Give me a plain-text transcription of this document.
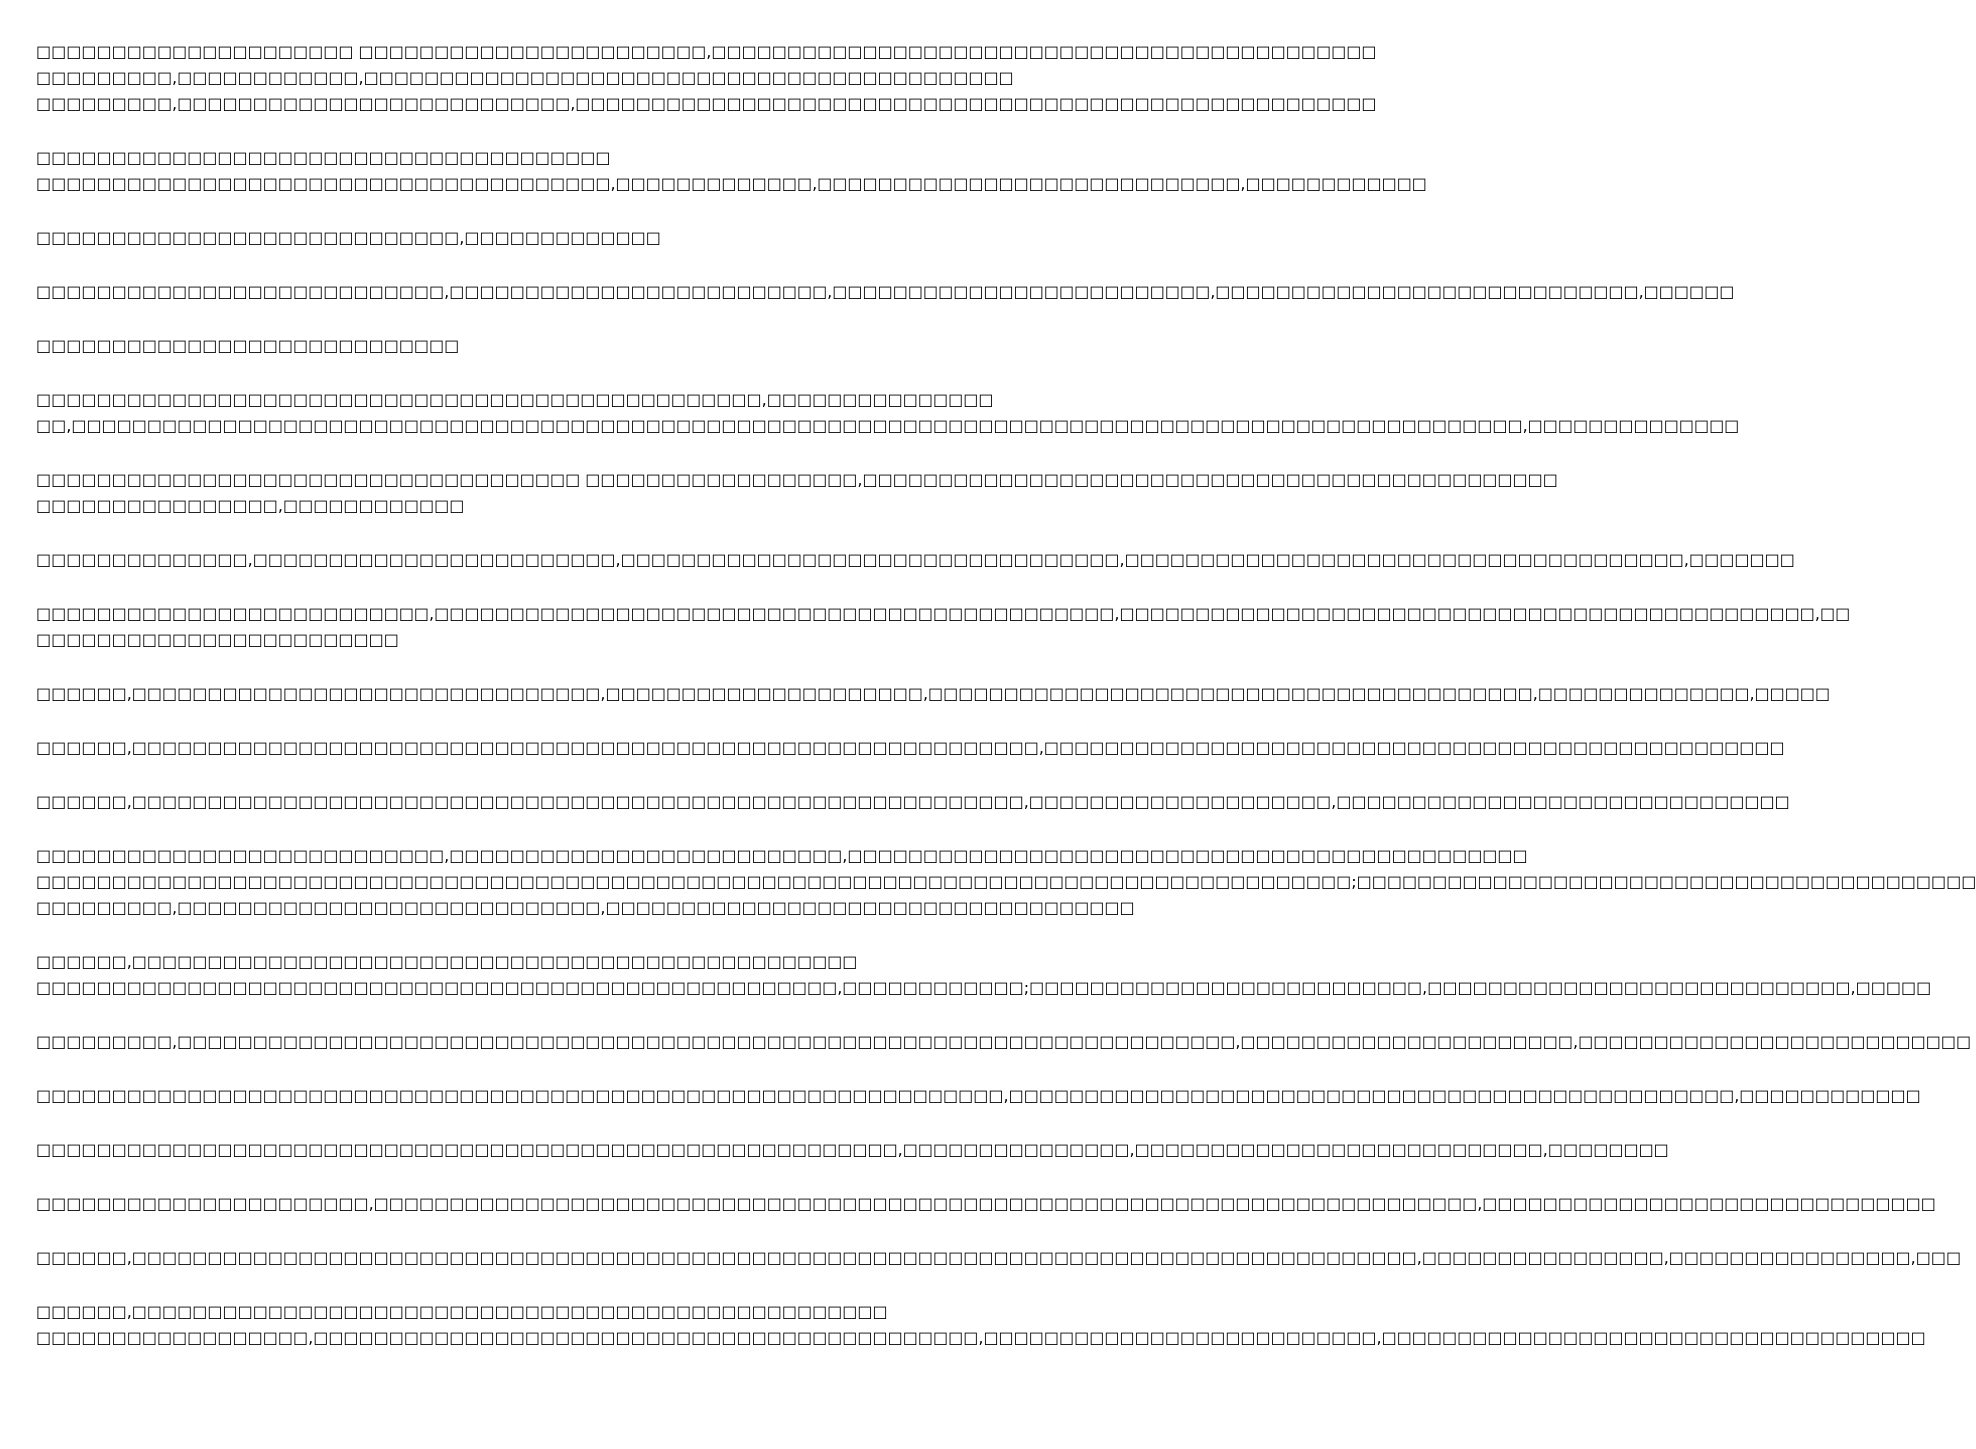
□□□□□□□□□□□□□□□□□□□□□ □□□□□□□□□□□□□□□□□□□□□□□,□□□□□□□□□□□□□□□□□□□□□□□□□□□□□□□□□□□□□□□□□□□□
□□□□□□□□□,□□□□□□□□□□□□,□□□□□□□□□□□□□□□□□□□□□□□□□□□□□□□□□□□□□□□□□□□
□□□□□□□□□,□□□□□□□□□□□□□□□□□□□□□□□□□□,□□□□□□□□□□□□□□□□□□□□□□□□□□□□□□□□□□□□□□□□□□□□□□□□□□□□□
□□□□□□□□□□□□□□□□□□□□□□□□□□□□□□□□□□□□□□
□□□□□□□□□□□□□□□□□□□□□□□□□□□□□□□□□□□□□□,□□□□□□□□□□□□□,□□□□□□□□□□□□□□□□□□□□□□□□□□□□,□□□□□□□□□□□□
□□□□□□□□□□□□□□□□□□□□□□□□□□□□,□□□□□□□□□□□□□
□□□□□□□□□□□□□□□□□□□□□□□□□□□,□□□□□□□□□□□□□□□□□□□□□□□□□,□□□□□□□□□□□□□□□□□□□□□□□□□,□□□□□□□□□□□□□□□□□□□□□□□□□□□□,□□□□□□
□□□□□□□□□□□□□□□□□□□□□□□□□□□□
□□□□□□□□□□□□□□□□□□□□□□□□□□□□□□□□□□□□□□□□□□□□□□□□,□□□□□□□□□□□□□□□
□□,□□□□□□□□□□□□□□□□□□□□□□□□□□□□□□□□□□□□□□□□□□□□□□□□□□□□□□□□□□□□□□□□□□□□□□□□□□□□□□□□□□□□□□□□□□□□□□□□,□□□□□□□□□□□□□□
□□□□□□□□□□□□□□□□□□□□□□□□□□□□□□□□□□□□ □□□□□□□□□□□□□□□□□□,□□□□□□□□□□□□□□□□□□□□□□□□□□□□□□□□□□□□□□□□□□□□□□
□□□□□□□□□□□□□□□□,□□□□□□□□□□□□
□□□□□□□□□□□□□□,□□□□□□□□□□□□□□□□□□□□□□□□,□□□□□□□□□□□□□□□□□□□□□□□□□□□□□□□□□,□□□□□□□□□□□□□□□□□□□□□□□□□□□□□□□□□□□□□,□□□□□□□
□□□□□□□□□□□□□□□□□□□□□□□□□□,□□□□□□□□□□□□□□□□□□□□□□□□□□□□□□□□□□□□□□□□□□□□□,□□□□□□□□□□□□□□□□□□□□□□□□□□□□□□□□□□□□□□□□□□□□□□,□□
□□□□□□□□□□□□□□□□□□□□□□□□
□□□□□□,□□□□□□□□□□□□□□□□□□□□□□□□□□□□□□□,□□□□□□□□□□□□□□□□□□□□□,□□□□□□□□□□□□□□□□□□□□□□□□□□□□□□□□□□□□□□□□,□□□□□□□□□□□□□□,□□□□□
□□□□□□,□□□□□□□□□□□□□□□□□□□□□□□□□□□□□□□□□□□□□□□□□□□□□□□□□□□□□□□□□□□□,□□□□□□□□□□□□□□□□□□□□□□□□□□□□□□□□□□□□□□□□□□□□□□□□□
□□□□□□,□□□□□□□□□□□□□□□□□□□□□□□□□□□□□□□□□□□□□□□□□□□□□□□□□□□□□□□□□□□,□□□□□□□□□□□□□□□□□□□□,□□□□□□□□□□□□□□□□□□□□□□□□□□□□□□
□□□□□□□□□□□□□□□□□□□□□□□□□□□,□□□□□□□□□□□□□□□□□□□□□□□□□□,□□□□□□□□□□□□□□□□□□□□□□□□□□□□□□□□□□□□□□□□□□□□□
□□□□□□□□□□□□□□□□□□□□□□□□□□□□□□□□□□□□□□□□□□□□□□□□□□□□□□□□□□□□□□□□□□□□□□□□□□□□□□□□□□□□□□□;□□□□□□□□□□□□□□□□□□□□□□□□□□□□□□□□□□□□□□□□□
□□□□□□□□□,□□□□□□□□□□□□□□□□□□□□□□□□□□□□,□□□□□□□□□□□□□□□□□□□□□□□□□□□□□□□□□□□
□□□□□□,□□□□□□□□□□□□□□□□□□□□□□□□□□□□□□□□□□□□□□□□□□□□□□□□
□□□□□□□□□□□□□□□□□□□□□□□□□□□□□□□□□□□□□□□□□□□□□□□□□□□□□,□□□□□□□□□□□□;□□□□□□□□□□□□□□□□□□□□□□□□□□,□□□□□□□□□□□□□□□□□□□□□□□□□□□□,□□□□□
□□□□□□□□□,□□□□□□□□□□□□□□□□□□□□□□□□□□□□□□□□□□□□□□□□□□□□□□□□□□□□□□□□□□□□□□□□□□□□□□,□□□□□□□□□□□□□□□□□□□□□□,□□□□□□□□□□□□□□□□□□□□□□□□□□
□□□□□□□□□□□□□□□□□□□□□□□□□□□□□□□□□□□□□□□□□□□□□□□□□□□□□□□□□□□□□□□□,□□□□□□□□□□□□□□□□□□□□□□□□□□□□□□□□□□□□□□□□□□□□□□□□,□□□□□□□□□□□□
□□□□□□□□□□□□□□□□□□□□□□□□□□□□□□□□□□□□□□□□□□□□□□□□□□□□□□□□□,□□□□□□□□□□□□□□□,□□□□□□□□□□□□□□□□□□□□□□□□□□□,□□□□□□□□
□□□□□□□□□□□□□□□□□□□□□□,□□□□□□□□□□□□□□□□□□□□□□□□□□□□□□□□□□□□□□□□□□□□□□□□□□□□□□□□□□□□□□□□□□□□□□□□□,□□□□□□□□□□□□□□□□□□□□□□□□□□□□□□
□□□□□□,□□□□□□□□□□□□□□□□□□□□□□□□□□□□□□□□□□□□□□□□□□□□□□□□□□□□□□□□□□□□□□□□□□□□□□□□□□□□□□□□□□□□□,□□□□□□□□□□□□□□□□,□□□□□□□□□□□□□□□□,□□□
□□□□□□,□□□□□□□□□□□□□□□□□□□□□□□□□□□□□□□□□□□□□□□□□□□□□□□□□□
□□□□□□□□□□□□□□□□□□,□□□□□□□□□□□□□□□□□□□□□□□□□□□□□□□□□□□□□□□□□□□□,□□□□□□□□□□□□□□□□□□□□□□□□□□,□□□□□□□□□□□□□□□□□□□□□□□□□□□□□□□□□□□□
